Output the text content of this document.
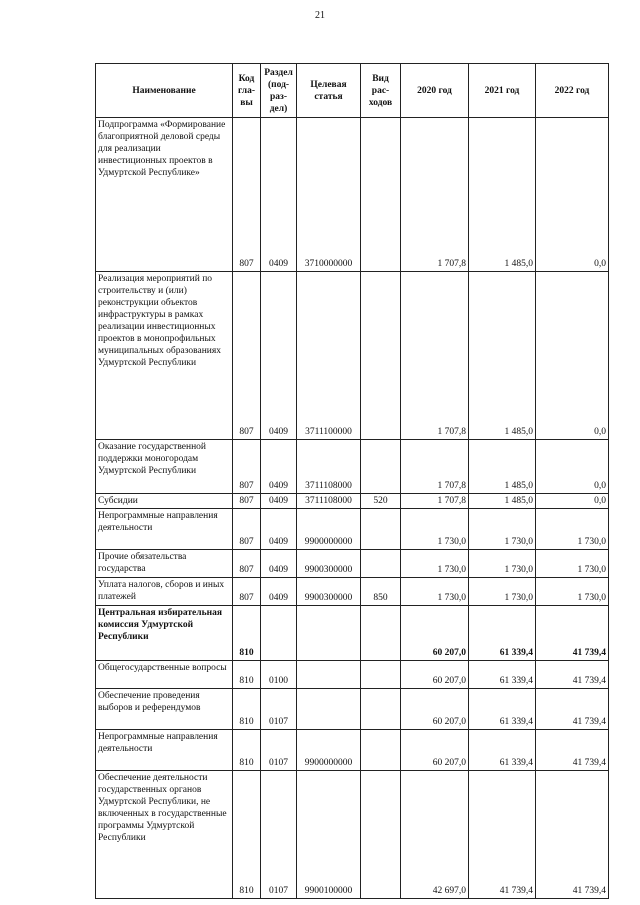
21
Наименование	Код гла-вы	Раздел (под-раз-дел)	Целевая статья	Вид рас-ходов	2020 год	2021 год	2022 год
Подпрограмма «Формирование благоприятной деловой среды для реализации инвестиционных проектов в Удмуртской Республике»	807	0409	3710000000		1 707,8	1 485,0	0,0
Реализация мероприятий по строительству и (или) реконструкции объектов инфраструктуры в рамках реализации инвестиционных проектов в монопрофильных муниципальных образованиях Удмуртской Республики	807	0409	3711100000		1 707,8	1 485,0	0,0
Оказание государственной поддержки моногородам Удмуртской Республики	807	0409	3711108000		1 707,8	1 485,0	0,0
Субсидии	807	0409	3711108000	520	1 707,8	1 485,0	0,0
Непрограммные направления деятельности	807	0409	9900000000		1 730,0	1 730,0	1 730,0
Прочие обязательства государства	807	0409	9900300000		1 730,0	1 730,0	1 730,0
Уплата налогов, сборов и иных платежей	807	0409	9900300000	850	1 730,0	1 730,0	1 730,0
Центральная избирательная комиссия Удмуртской Республики	810				60 207,0	61 339,4	41 739,4
Общегосударственные вопросы	810	0100			60 207,0	61 339,4	41 739,4
Обеспечение проведения выборов и референдумов	810	0107			60 207,0	61 339,4	41 739,4
Непрограммные направления деятельности	810	0107	9900000000		60 207,0	61 339,4	41 739,4
Обеспечение деятельности государственных органов Удмуртской Республики, не включенных в государственные программы Удмуртской Республики	810	0107	9900100000		42 697,0	41 739,4	41 739,4
